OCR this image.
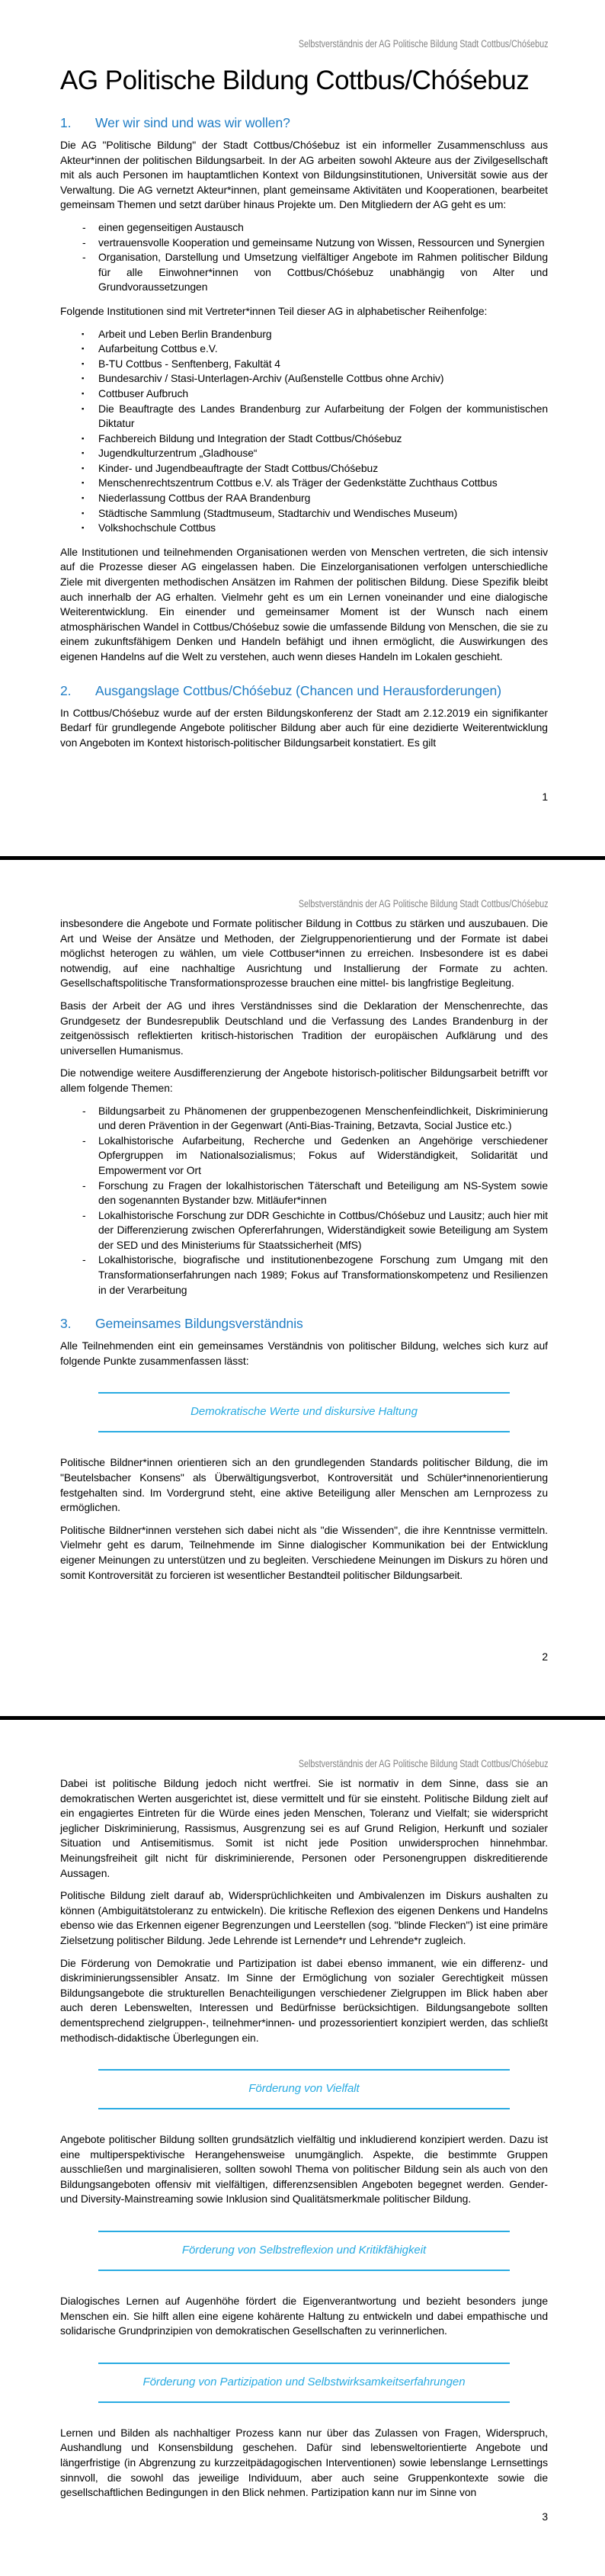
Selbstverständnis der AG Politische Bildung Stadt Cottbus/Chóśebuz
AG Politische Bildung Cottbus/Chóśebuz
1.	Wer wir sind und was wir wollen?

Die AG "Politische Bildung" der Stadt Cottbus/Chóśebuz ist ein informeller Zusammenschluss aus Akteur*innen der politischen Bildungsarbeit. In der AG arbeiten sowohl Akteure aus der Zivilgesellschaft mit als auch Personen im hauptamtlichen Kontext von Bildungsinstitutionen, Universität sowie aus der Verwaltung. Die AG vernetzt Akteur*innen, plant gemeinsame Aktivitäten und Kooperationen, bearbeitet gemeinsam Themen und setzt darüber hinaus Projekte um. Den Mitgliedern der AG geht es um:

- einen gegenseitigen Austausch
- vertrauensvolle Kooperation und gemeinsame Nutzung von Wissen, Ressourcen und Synergien
- Organisation, Darstellung und Umsetzung vielfältiger Angebote im Rahmen politischer Bildung für alle Einwohner*innen von Cottbus/Chóśebuz unabhängig von Alter und Grundvoraussetzungen

Folgende Institutionen sind mit Vertreter*innen Teil dieser AG in alphabetischer Reihenfolge:

▪ Arbeit und Leben Berlin Brandenburg
▪ Aufarbeitung Cottbus e.V.
▪ B-TU Cottbus - Senftenberg, Fakultät 4
▪ Bundesarchiv / Stasi-Unterlagen-Archiv (Außenstelle Cottbus ohne Archiv)
▪ Cottbuser Aufbruch
▪ Die Beauftragte des Landes Brandenburg zur Aufarbeitung der Folgen der kommunistischen Diktatur
▪ Fachbereich Bildung und Integration der Stadt Cottbus/Chóśebuz
▪ Jugendkulturzentrum „Gladhouse“
▪ Kinder- und Jugendbeauftragte der Stadt Cottbus/Chóśebuz
▪ Menschenrechtszentrum Cottbus e.V. als Träger der Gedenkstätte Zuchthaus Cottbus
▪ Niederlassung Cottbus der RAA Brandenburg
▪ Städtische Sammlung (Stadtmuseum, Stadtarchiv und Wendisches Museum)
▪ Volkshochschule Cottbus

Alle Institutionen und teilnehmenden Organisationen werden von Menschen vertreten, die sich intensiv auf die Prozesse dieser AG eingelassen haben. Die Einzelorganisationen verfolgen unterschiedliche Ziele mit divergenten methodischen Ansätzen im Rahmen der politischen Bildung. Diese Spezifik bleibt auch innerhalb der AG erhalten. Vielmehr geht es um ein Lernen voneinander und eine dialogische Weiterentwicklung. Ein einender und gemeinsamer Moment ist der Wunsch nach einem atmosphärischen Wandel in Cottbus/Chóśebuz sowie die umfassende Bildung von Menschen, die sie zu einem zukunftsfähigem Denken und Handeln befähigt und ihnen ermöglicht, die Auswirkungen des eigenen Handelns auf die Welt zu verstehen, auch wenn dieses Handeln im Lokalen geschieht.

2.	Ausgangslage Cottbus/Chóśebuz (Chancen und Herausforderungen)

In Cottbus/Chóśebuz wurde auf der ersten Bildungskonferenz der Stadt am 2.12.2019 ein signifikanter Bedarf für grundlegende Angebote politischer Bildung aber auch für eine dezidierte Weiterentwicklung von Angeboten im Kontext historisch-politischer Bildungsarbeit konstatiert. Es gilt

1
Selbstverständnis der AG Politische Bildung Stadt Cottbus/Chóśebuz

insbesondere die Angebote und Formate politischer Bildung in Cottbus zu stärken und auszubauen. Die Art und Weise der Ansätze und Methoden, der Zielgruppenorientierung und der Formate ist dabei möglichst heterogen zu wählen, um viele Cottbuser*innen zu erreichen. Insbesondere ist es dabei notwendig, auf eine nachhaltige Ausrichtung und Installierung der Formate zu achten. Gesellschaftspolitische Transformationsprozesse brauchen eine mittel- bis langfristige Begleitung.

Basis der Arbeit der AG und ihres Verständnisses sind die Deklaration der Menschenrechte, das Grundgesetz der Bundesrepublik Deutschland und die Verfassung des Landes Brandenburg in der zeitgenössisch reflektierten kritisch-historischen Tradition der europäischen Aufklärung und des universellen Humanismus.

Die notwendige weitere Ausdifferenzierung der Angebote historisch-politischer Bildungsarbeit betrifft vor allem folgende Themen:

- Bildungsarbeit zu Phänomenen der gruppenbezogenen Menschenfeindlichkeit, Diskriminierung und deren Prävention in der Gegenwart (Anti-Bias-Training, Betzavta, Social Justice etc.)
- Lokalhistorische Aufarbeitung, Recherche und Gedenken an Angehörige verschiedener Opfergruppen im Nationalsozialismus; Fokus auf Widerständigkeit, Solidarität und Empowerment vor Ort
- Forschung zu Fragen der lokalhistorischen Täterschaft und Beteiligung am NS-System sowie den sogenannten Bystander bzw. Mitläufer*innen
- Lokalhistorische Forschung zur DDR Geschichte in Cottbus/Chóśebuz und Lausitz; auch hier mit der Differenzierung zwischen Opfererfahrungen, Widerständigkeit sowie Beteiligung am System der SED und des Ministeriums für Staatssicherheit (MfS)
- Lokalhistorische, biografische und institutionenbezogene Forschung zum Umgang mit den Transformationserfahrungen nach 1989; Fokus auf Transformationskompetenz und Resilienzen in der Verarbeitung
3.	Gemeinsames Bildungsverständnis

Alle Teilnehmenden eint ein gemeinsames Verständnis von politischer Bildung, welches sich kurz auf folgende Punkte zusammenfassen lässt:

Demokratische Werte und diskursive Haltung

Politische Bildner*innen orientieren sich an den grundlegenden Standards politischer Bildung, die im "Beutelsbacher Konsens" als Überwältigungsverbot, Kontroversität und Schüler*innenorientierung festgehalten sind. Im Vordergrund steht, eine aktive Beteiligung aller Menschen am Lernprozess zu ermöglichen.

Politische Bildner*innen verstehen sich dabei nicht als "die Wissenden", die ihre Kenntnisse vermitteln. Vielmehr geht es darum, Teilnehmende im Sinne dialogischer Kommunikation bei der Entwicklung eigener Meinungen zu unterstützen und zu begleiten. Verschiedene Meinungen im Diskurs zu hören und somit Kontroversität zu forcieren ist wesentlicher Bestandteil politischer Bildungsarbeit.

2
Selbstverständnis der AG Politische Bildung Stadt Cottbus/Chóśebuz

Dabei ist politische Bildung jedoch nicht wertfrei. Sie ist normativ in dem Sinne, dass sie an demokratischen Werten ausgerichtet ist, diese vermittelt und für sie einsteht. Politische Bildung zielt auf ein engagiertes Eintreten für die Würde eines jeden Menschen, Toleranz und Vielfalt; sie widerspricht jeglicher Diskriminierung, Rassismus, Ausgrenzung sei es auf Grund Religion, Herkunft und sozialer Situation und Antisemitismus. Somit ist nicht jede Position unwidersprochen hinnehmbar. Meinungsfreiheit gilt nicht für diskriminierende, Personen oder Personengruppen diskreditierende Aussagen.

Politische Bildung zielt darauf ab, Widersprüchlichkeiten und Ambivalenzen im Diskurs aushalten zu können (Ambiguitätstoleranz zu entwickeln). Die kritische Reflexion des eigenen Denkens und Handelns ebenso wie das Erkennen eigener Begrenzungen und Leerstellen (sog. "blinde Flecken") ist eine primäre Zielsetzung politischer Bildung. Jede Lehrende ist Lernende*r und Lehrende*r zugleich.

Die Förderung von Demokratie und Partizipation ist dabei ebenso immanent, wie ein differenz- und diskriminierungssensibler Ansatz. Im Sinne der Ermöglichung von sozialer Gerechtigkeit müssen Bildungsangebote die strukturellen Benachteiligungen verschiedener Zielgruppen im Blick haben aber auch deren Lebenswelten, Interessen und Bedürfnisse berücksichtigen. Bildungsangebote sollten dementsprechend zielgruppen-, teilnehmer*innen- und prozessorientiert konzipiert werden, das schließt methodisch-didaktische Überlegungen ein.

Förderung von Vielfalt

Angebote politischer Bildung sollten grundsätzlich vielfältig und inkludierend konzipiert werden. Dazu ist eine multiperspektivische Herangehensweise unumgänglich. Aspekte, die bestimmte Gruppen ausschließen und marginalisieren, sollten sowohl Thema von politischer Bildung sein als auch von den Bildungsangeboten offensiv mit vielfältigen, differenzsensiblen Angeboten begegnet werden. Gender- und Diversity-Mainstreaming sowie Inklusion sind Qualitätsmerkmale politischer Bildung.

Förderung von Selbstreflexion und Kritikfähigkeit

Dialogisches Lernen auf Augenhöhe fördert die Eigenverantwortung und bezieht besonders junge Menschen ein. Sie hilft allen eine eigene kohärente Haltung zu entwickeln und dabei empathische und solidarische Grundprinzipien von demokratischen Gesellschaften zu verinnerlichen.

Förderung von Partizipation und Selbstwirksamkeitserfahrungen

Lernen und Bilden als nachhaltiger Prozess kann nur über das Zulassen von Fragen, Widerspruch, Aushandlung und Konsensbildung geschehen. Dafür sind lebensweltorientierte Angebote und längerfristige (in Abgrenzung zu kurzzeitpädagogischen Interventionen) sowie lebenslange Lernsettings sinnvoll, die sowohl das jeweilige Individuum, aber auch seine Gruppenkontexte sowie die gesellschaftlichen Bedingungen in den Blick nehmen. Partizipation kann nur im Sinne von

3
